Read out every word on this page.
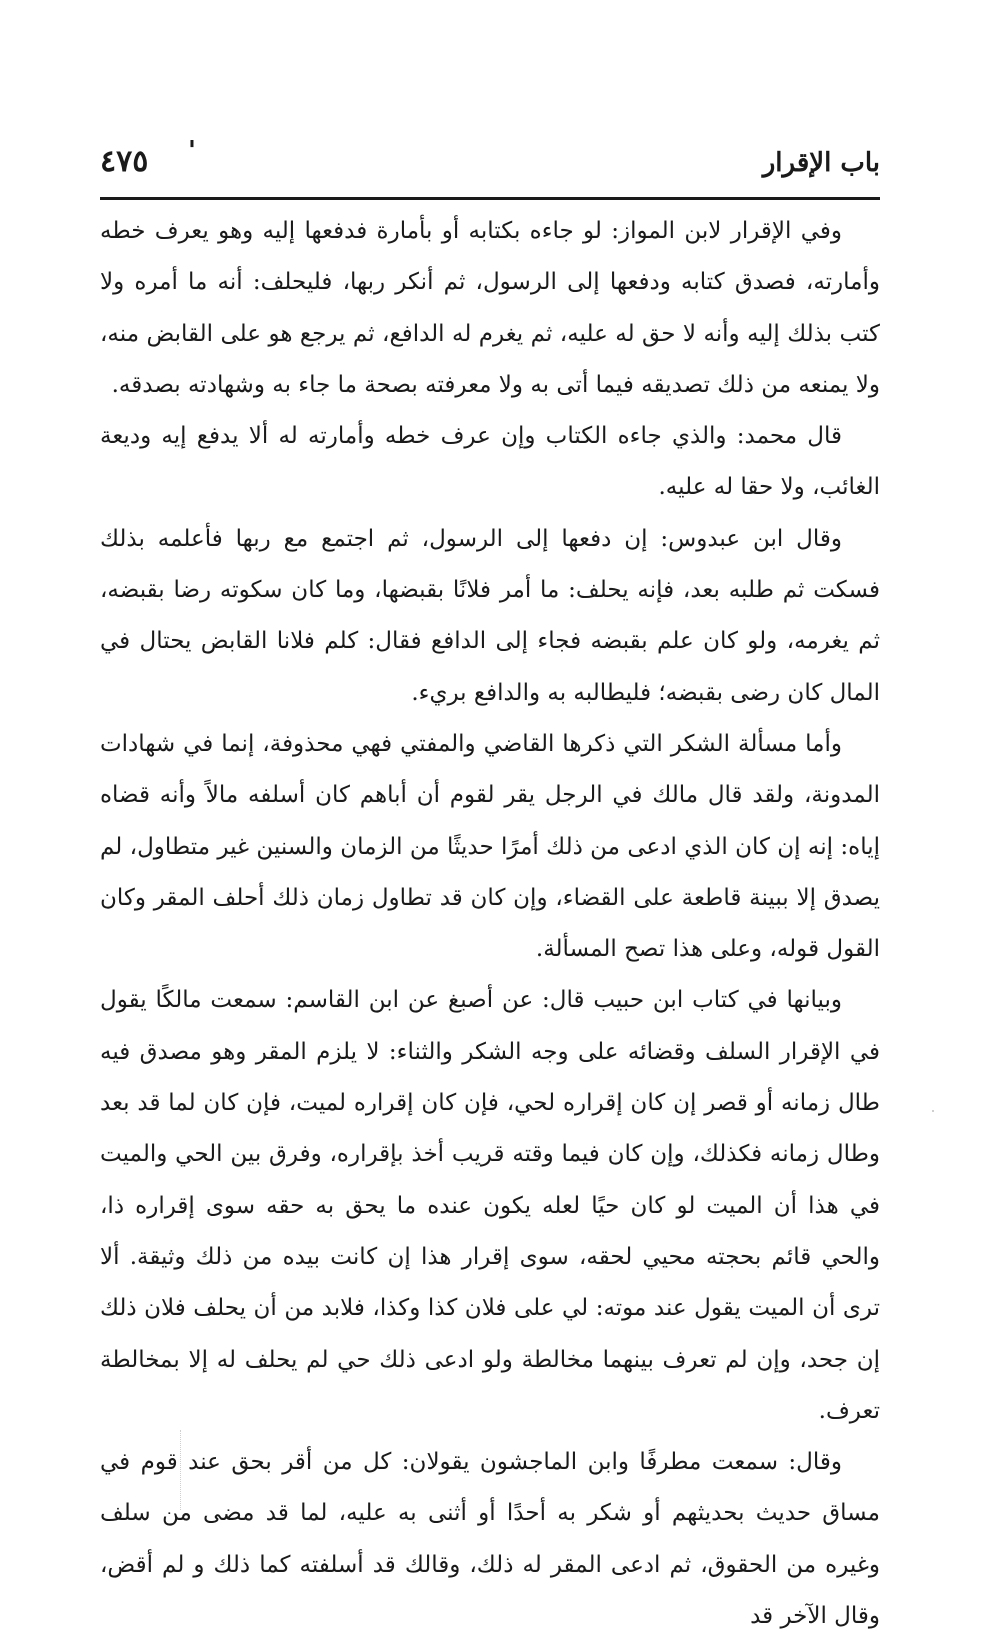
باب الإقرار
'
٤٧٥

وفي الإقرار لابن المواز: لو جاءه بكتابه أو بأمارة فدفعها إليه وهو يعرف خطه وأمارته، فصدق كتابه ودفعها إلى الرسول، ثم أنكر ربها، فليحلف: أنه ما أمره ولا كتب بذلك إليه وأنه لا حق له عليه، ثم يغرم له الدافع، ثم يرجع هو على القابض منه، ولا يمنعه من ذلك تصديقه فيما أتى به ولا معرفته بصحة ما جاء به وشهادته بصدقه.

قال محمد: والذي جاءه الكتاب وإن عرف خطه وأمارته له ألا يدفع إيه وديعة الغائب، ولا حقا له عليه.

وقال ابن عبدوس: إن دفعها إلى الرسول، ثم اجتمع مع ربها فأعلمه بذلك فسكت ثم طلبه بعد، فإنه يحلف: ما أمر فلانًا بقبضها، وما كان سكوته رضا بقبضه، ثم يغرمه، ولو كان علم بقبضه فجاء إلى الدافع فقال: كلم فلانا القابض يحتال في المال كان رضى بقبضه؛ فليطالبه به والدافع بريء.

وأما مسألة الشكر التي ذكرها القاضي والمفتي فهي محذوفة، إنما في شهادات المدونة، ولقد قال مالك في الرجل يقر لقوم أن أباهم كان أسلفه مالاً وأنه قضاه إياه: إنه إن كان الذي ادعى من ذلك أمرًا حديثًا من الزمان والسنين غير متطاول، لم يصدق إلا ببينة قاطعة على القضاء، وإن كان قد تطاول زمان ذلك أحلف المقر وكان القول قوله، وعلى هذا تصح المسألة.

وبيانها في كتاب ابن حبيب قال: عن أصبغ عن ابن القاسم: سمعت مالكًا يقول في الإقرار السلف وقضائه على وجه الشكر والثناء: لا يلزم المقر وهو مصدق فيه طال زمانه أو قصر إن كان إقراره لحي، فإن كان إقراره لميت، فإن كان لما قد بعد وطال زمانه فكذلك، وإن كان فيما وقته قريب أخذ بإقراره، وفرق بين الحي والميت في هذا أن الميت لو كان حيًا لعله يكون عنده ما يحق به حقه سوى إقراره ذا، والحي قائم بحجته محيي لحقه، سوى إقرار هذا إن كانت بيده من ذلك وثيقة. ألا ترى أن الميت يقول عند موته: لي على فلان كذا وكذا، فلابد من أن يحلف فلان ذلك إن جحد، وإن لم تعرف بينهما مخالطة ولو ادعى ذلك حي لم يحلف له إلا بمخالطة تعرف.

وقال: سمعت مطرفًا وابن الماجشون يقولان: كل من أقر بحق عند قوم في مساق حديث بحديثهم أو شكر به أحدًا أو أثنى به عليه، لما قد مضى من سلف وغيره من الحقوق، ثم ادعى المقر له ذلك، وقالك قد أسلفته كما ذلك و لم أقض، وقال الآخر قد
